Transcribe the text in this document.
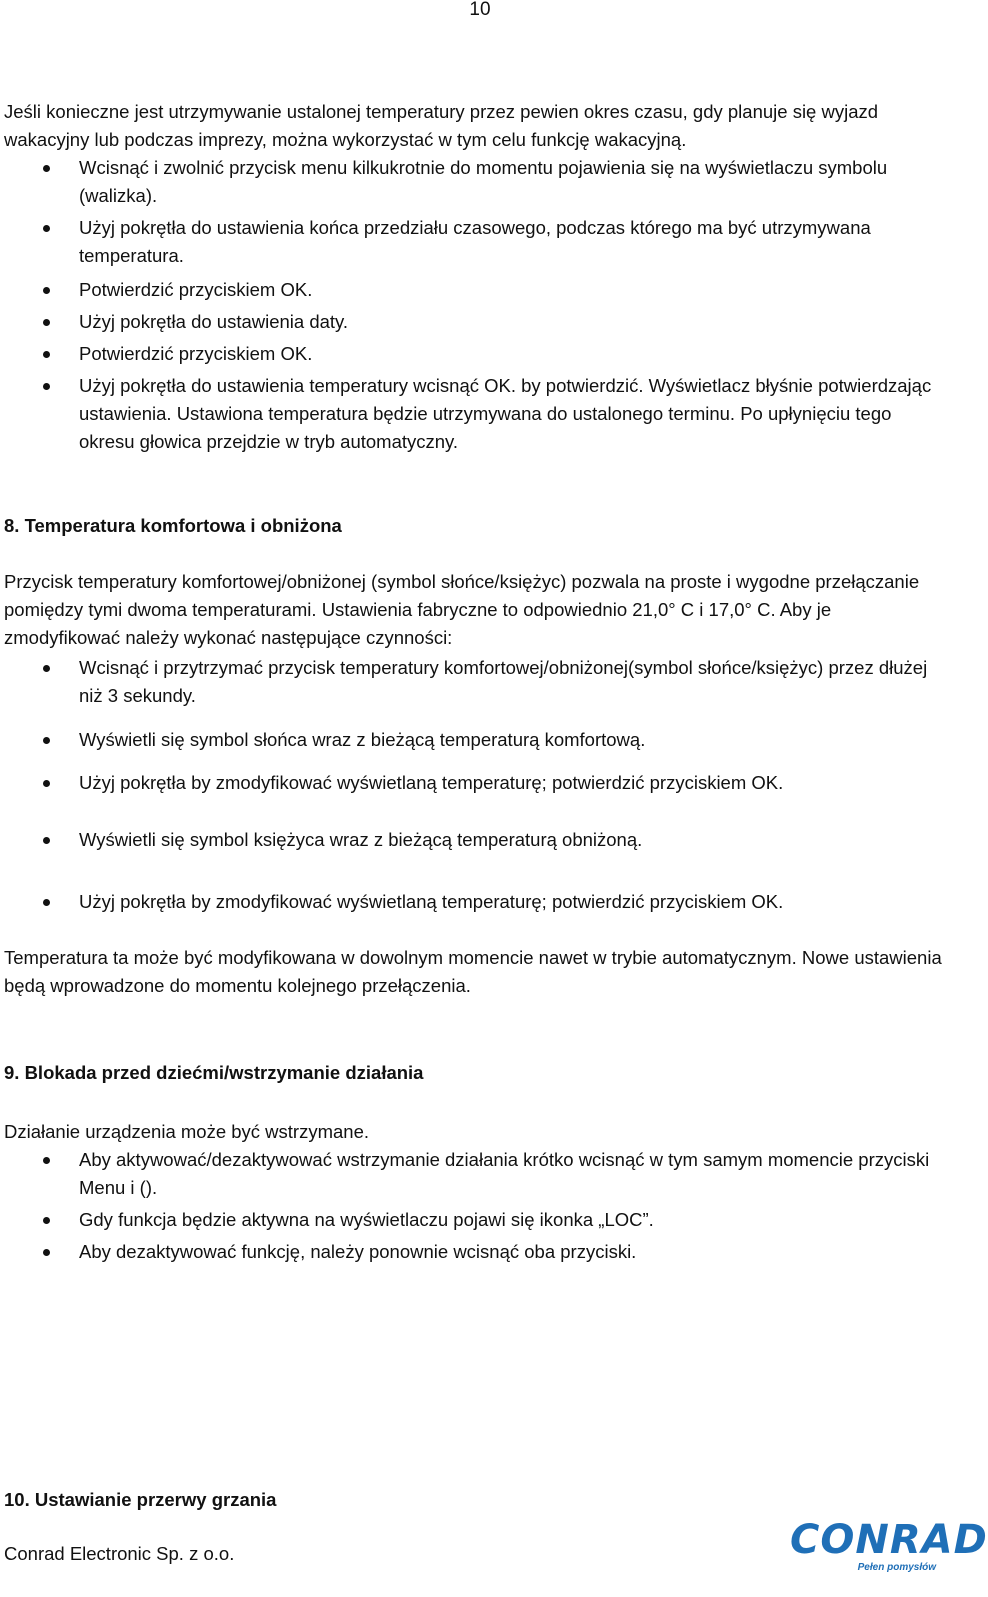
10

Jeśli konieczne jest utrzymywanie ustalonej temperatury przez pewien okres czasu, gdy planuje się wyjazd wakacyjny lub podczas imprezy, można wykorzystać w tym celu funkcję wakacyjną.

Wcisnąć i zwolnić przycisk menu kilkukrotnie do momentu pojawienia się na wyświetlaczu symbolu (walizka).
Użyj pokrętła do ustawienia końca przedziału czasowego, podczas którego ma być utrzymywana temperatura.
Potwierdzić przyciskiem OK.
Użyj pokrętła do ustawienia daty.
Potwierdzić przyciskiem OK.
Użyj pokrętła do ustawienia temperatury wcisnąć OK. by potwierdzić. Wyświetlacz błyśnie potwierdzając ustawienia. Ustawiona temperatura będzie utrzymywana do ustalonego terminu. Po upłynięciu tego okresu głowica przejdzie w tryb automatyczny.
8. Temperatura komfortowa i obniżona

Przycisk temperatury komfortowej/obniżonej (symbol słońce/księżyc) pozwala na proste i wygodne przełączanie pomiędzy tymi dwoma temperaturami. Ustawienia fabryczne to odpowiednio 21,0° C i 17,0° C. Aby je zmodyfikować należy wykonać następujące czynności:

Wcisnąć i przytrzymać przycisk temperatury komfortowej/obniżonej(symbol słońce/księżyc) przez dłużej niż 3 sekundy.
Wyświetli się symbol słońca wraz z bieżącą temperaturą komfortową.
Użyj pokrętła by zmodyfikować wyświetlaną temperaturę; potwierdzić przyciskiem OK.
Wyświetli się symbol księżyca wraz z bieżącą temperaturą obniżoną.
Użyj pokrętła by zmodyfikować wyświetlaną temperaturę; potwierdzić przyciskiem OK.

Temperatura ta może być modyfikowana w dowolnym momencie nawet w trybie automatycznym. Nowe ustawienia będą wprowadzone do momentu kolejnego przełączenia.

9. Blokada przed dziećmi/wstrzymanie działania

Działanie urządzenia może być wstrzymane.

Aby aktywować/dezaktywować wstrzymanie działania krótko wcisnąć w tym samym momencie przyciski Menu i ().
Gdy funkcja będzie aktywna na wyświetlaczu pojawi się ikonka „LOC”.
Aby dezaktywować funkcję, należy ponownie wcisnąć oba przyciski.
10. Ustawianie przerwy grzania
Conrad Electronic Sp. z o.o.	CONRAD
Pełen pomysłów
